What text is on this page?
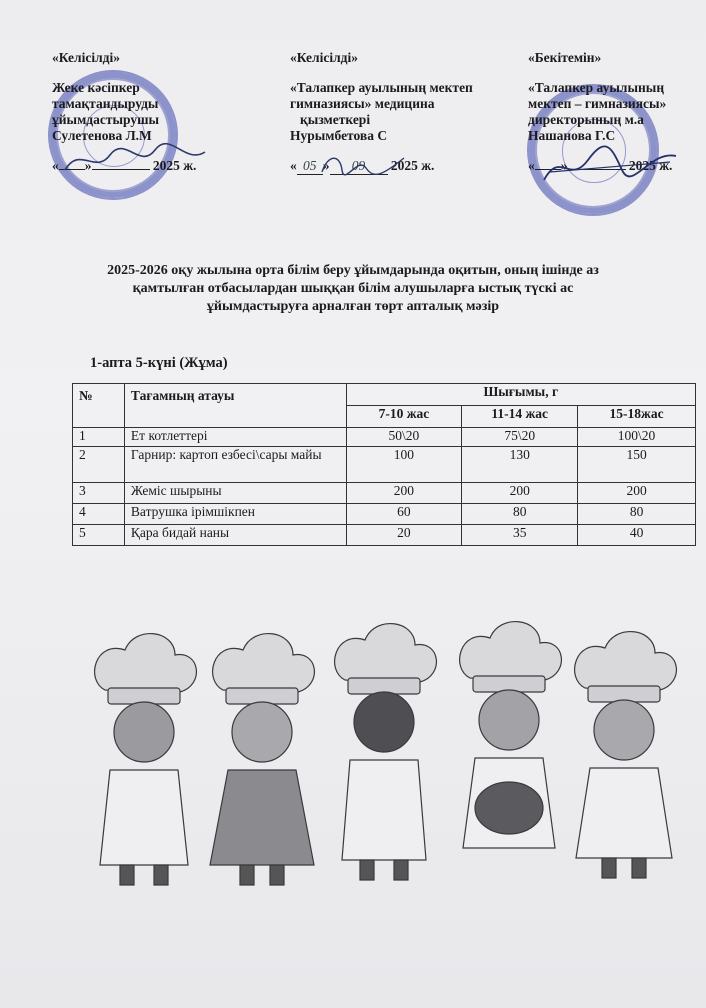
«Келісілді»
Жеке кәсіпкер
тамақтандыруды
ұйымдастырушы
Сулетенова Л.М
« »	2025 ж.
«Келісілді»
«Талапкер ауылының мектеп
гимназиясы» медицина
қызметкері
Нурымбетова С
« 05 » 09 2025 ж.
«Бекітемін»
«Талапкер ауылының
мектеп – гимназиясы»
директорының м.а
Нашанова Г.С
« »	2025 ж.
2025-2026 оқу жылына орта білім беру ұйымдарында оқитын, оның ішінде аз
қамтылған отбасылардан шыққан білім алушыларға ыстық түскі ас
ұйымдастыруға арналған төрт апталық мәзір
1-апта 5-күні (Жұма)
№	Тағамның атауы	Шығымы, г		
		7-10 жас	11-14 жас	15-18жас
1	Ет котлеттері	50\20	75\20	100\20
2	Гарнир: картоп езбесі\сары майы	100	130	150
3	Жеміс шырыны	200	200	200
4	Ватрушка ірімшікпен	60	80	80
5	Қара бидай наны	20	35	40
